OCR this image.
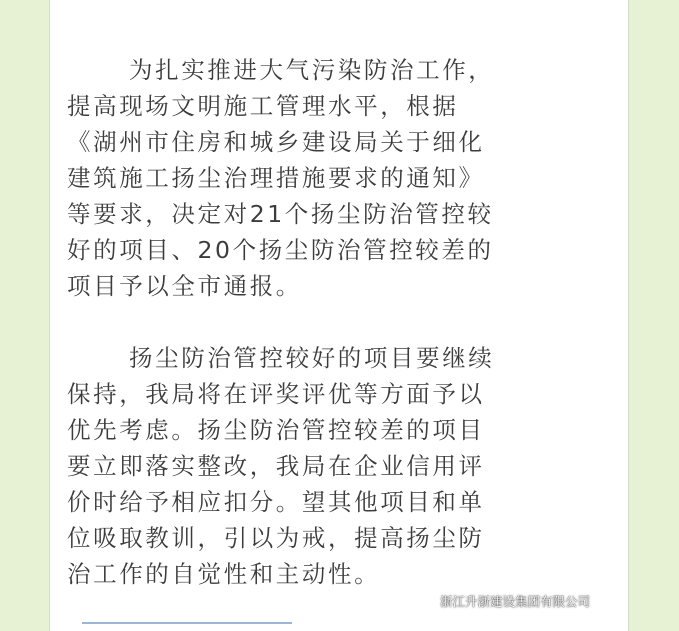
为扎实推进大气污染防治工作，
提高现场文明施工管理水平，根据
《湖州市住房和城乡建设局关于细化
建筑施工扬尘治理措施要求的通知》
等要求，决定对21个扬尘防治管控较
好的项目、20个扬尘防治管控较差的
项目予以全市通报。
扬尘防治管控较好的项目要继续
保持，我局将在评奖评优等方面予以
优先考虑。扬尘防治管控较差的项目
要立即落实整改，我局在企业信用评
价时给予相应扣分。望其他项目和单
位吸取教训，引以为戒，提高扬尘防
治工作的自觉性和主动性。
浙江升浙建设集团有限公司
